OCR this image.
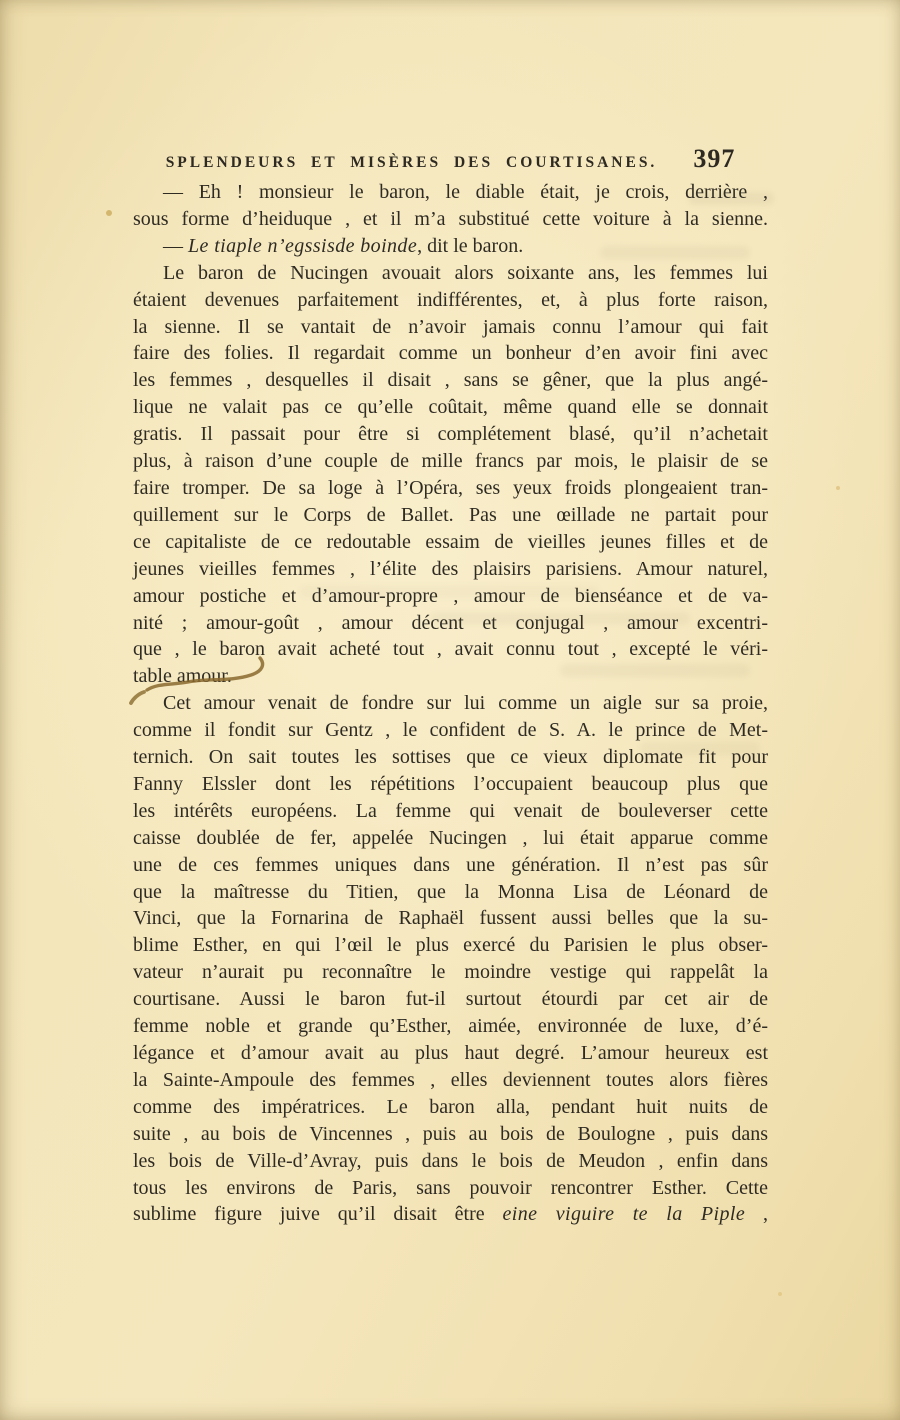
SPLENDEURS ET MISÈRES DES COURTISANES. 397
— Eh ! monsieur le baron, le diable était, je crois, derrière ,
sous forme d’heiduque , et il m’a substitué cette voiture à la sienne.
— Le tiaple n’egssisde boinde, dit le baron.
Le baron de Nucingen avouait alors soixante ans, les femmes lui
étaient devenues parfaitement indifférentes, et, à plus forte raison,
la sienne. Il se vantait de n’avoir jamais connu l’amour qui fait
faire des folies. Il regardait comme un bonheur d’en avoir fini avec
les femmes , desquelles il disait , sans se gêner, que la plus angé-
lique ne valait pas ce qu’elle coûtait, même quand elle se donnait
gratis. Il passait pour être si complétement blasé, qu’il n’achetait
plus, à raison d’une couple de mille francs par mois, le plaisir de se
faire tromper. De sa loge à l’Opéra, ses yeux froids plongeaient tran-
quillement sur le Corps de Ballet. Pas une œillade ne partait pour
ce capitaliste de ce redoutable essaim de vieilles jeunes filles et de
jeunes vieilles femmes , l’élite des plaisirs parisiens. Amour naturel,
amour postiche et d’amour-propre , amour de bienséance et de va-
nité ; amour-goût , amour décent et conjugal , amour excentri-
que , le baron avait acheté tout , avait connu tout , excepté le véri-
table amour.
Cet amour venait de fondre sur lui comme un aigle sur sa proie,
comme il fondit sur Gentz , le confident de S. A. le prince de Met-
ternich. On sait toutes les sottises que ce vieux diplomate fit pour
Fanny Elssler dont les répétitions l’occupaient beaucoup plus que
les intérêts européens. La femme qui venait de bouleverser cette
caisse doublée de fer, appelée Nucingen , lui était apparue comme
une de ces femmes uniques dans une génération. Il n’est pas sûr
que la maîtresse du Titien, que la Monna Lisa de Léonard de
Vinci, que la Fornarina de Raphaël fussent aussi belles que la su-
blime Esther, en qui l’œil le plus exercé du Parisien le plus obser-
vateur n’aurait pu reconnaître le moindre vestige qui rappelât la
courtisane. Aussi le baron fut-il surtout étourdi par cet air de
femme noble et grande qu’Esther, aimée, environnée de luxe, d’é-
légance et d’amour avait au plus haut degré. L’amour heureux est
la Sainte-Ampoule des femmes , elles deviennent toutes alors fières
comme des impératrices. Le baron alla, pendant huit nuits de
suite , au bois de Vincennes , puis au bois de Boulogne , puis dans
les bois de Ville-d’Avray, puis dans le bois de Meudon , enfin dans
tous les environs de Paris, sans pouvoir rencontrer Esther. Cette
sublime figure juive qu’il disait être eine viguire te la Piple ,
